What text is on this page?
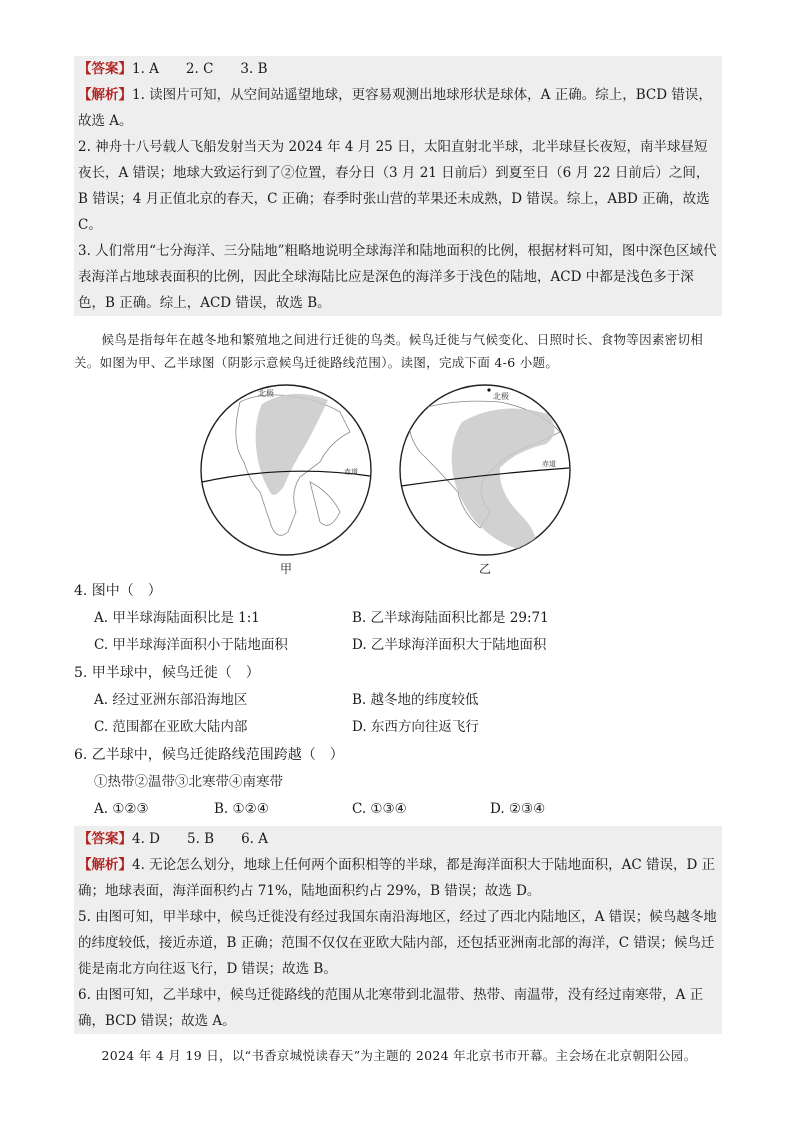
【答案】1. A　　2. C　　3. B

【解析】1. 读图片可知，从空间站遥望地球，更容易观测出地球形状是球体，A 正确。综上，BCD 错误，故选 A。

2. 神舟十八号载人飞船发射当天为 2024 年 4 月 25 日，太阳直射北半球，北半球昼长夜短，南半球昼短夜长，A 错误；地球大致运行到了②位置，春分日（3 月 21 日前后）到夏至日（6 月 22 日前后）之间，B 错误；4 月正值北京的春天，C 正确；春季时张山营的苹果还未成熟，D 错误。综上，ABD 正确，故选 C。

3. 人们常用“七分海洋、三分陆地”粗略地说明全球海洋和陆地面积的比例，根据材料可知，图中深色区域代表海洋占地球表面积的比例，因此全球海陆比应是深色的海洋多于浅色的陆地，ACD 中都是浅色多于深色，B 正确。综上，ACD 错误，故选 B。

候鸟是指每年在越冬地和繁殖地之间进行迁徙的鸟类。候鸟迁徙与气候变化、日照时长、食物等因素密切相关。如图为甲、乙半球图（阴影示意候鸟迁徙路线范围）。读图，完成下面 4-6 小题。

北极
赤道
北极
赤道
甲	乙

4. 图中（　）

A. 甲半球海陆面积比是 1:1	B. 乙半球海陆面积比都是 29:71

C. 甲半球海洋面积小于陆地面积	D. 乙半球海洋面积大于陆地面积

5. 甲半球中，候鸟迁徙（　）

A. 经过亚洲东部沿海地区	B. 越冬地的纬度较低

C. 范围都在亚欧大陆内部	D. 东西方向往返飞行

6. 乙半球中，候鸟迁徙路线范围跨越（　）

①热带②温带③北寒带④南寒带

A. ①②③	B. ①②④	C. ①③④	D. ②③④

【答案】4. D　　5. B　　6. A

【解析】4. 无论怎么划分，地球上任何两个面积相等的半球，都是海洋面积大于陆地面积，AC 错误，D 正确；地球表面，海洋面积约占 71%，陆地面积约占 29%，B 错误；故选 D。

5. 由图可知，甲半球中，候鸟迁徙没有经过我国东南沿海地区，经过了西北内陆地区，A 错误；候鸟越冬地的纬度较低，接近赤道，B 正确；范围不仅仅在亚欧大陆内部，还包括亚洲南北部的海洋，C 错误；候鸟迁徙是南北方向往返飞行，D 错误；故选 B。

6. 由图可知，乙半球中，候鸟迁徙路线的范围从北寒带到北温带、热带、南温带，没有经过南寒带，A 正确，BCD 错误；故选 A。

2024 年 4 月 19 日，以“书香京城悦读春天”为主题的 2024 年北京书市开幕。主会场在北京朝阳公园。
